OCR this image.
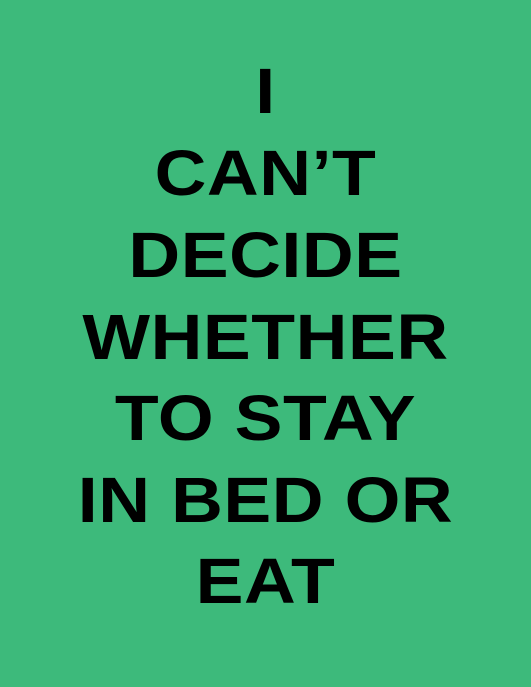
I
CAN’T
DECIDE
WHETHER
TO STAY
IN BED OR
EAT
